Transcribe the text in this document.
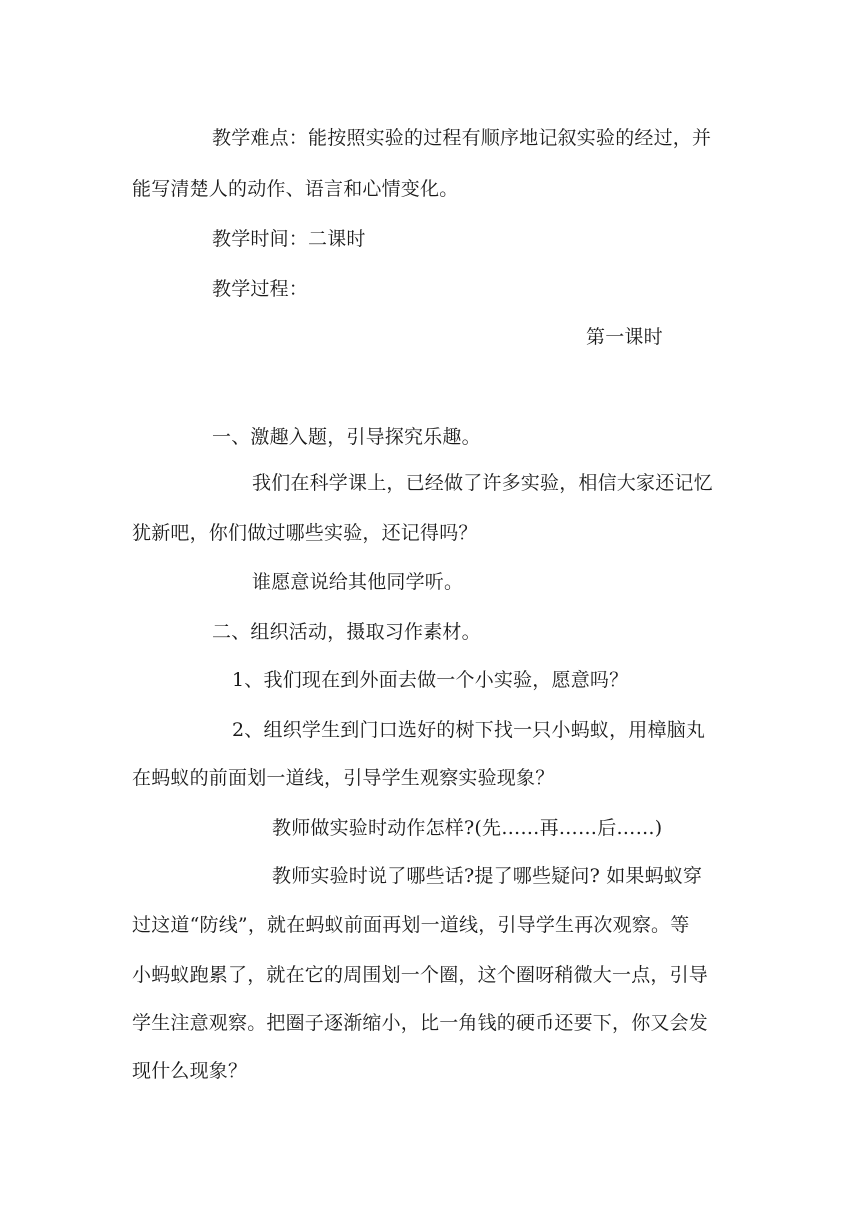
教学难点：能按照实验的过程有顺序地记叙实验的经过，并
能写清楚人的动作、语言和心情变化。
教学时间：二课时
教学过程：
第一课时
一、激趣入题，引导探究乐趣。
我们在科学课上，已经做了许多实验，相信大家还记忆
犹新吧，你们做过哪些实验，还记得吗？
谁愿意说给其他同学听。
二、组织活动，摄取习作素材。
1、我们现在到外面去做一个小实验，愿意吗？
2、组织学生到门口选好的树下找一只小蚂蚁，用樟脑丸
在蚂蚁的前面划一道线，引导学生观察实验现象？
教师做实验时动作怎样?(先……再……后……)
教师实验时说了哪些话?提了哪些疑问? 如果蚂蚁穿
过这道“防线”，就在蚂蚁前面再划一道线，引导学生再次观察。等
小蚂蚁跑累了，就在它的周围划一个圈，这个圈呀稍微大一点，引导
学生注意观察。把圈子逐渐缩小，比一角钱的硬币还要下，你又会发
现什么现象？
